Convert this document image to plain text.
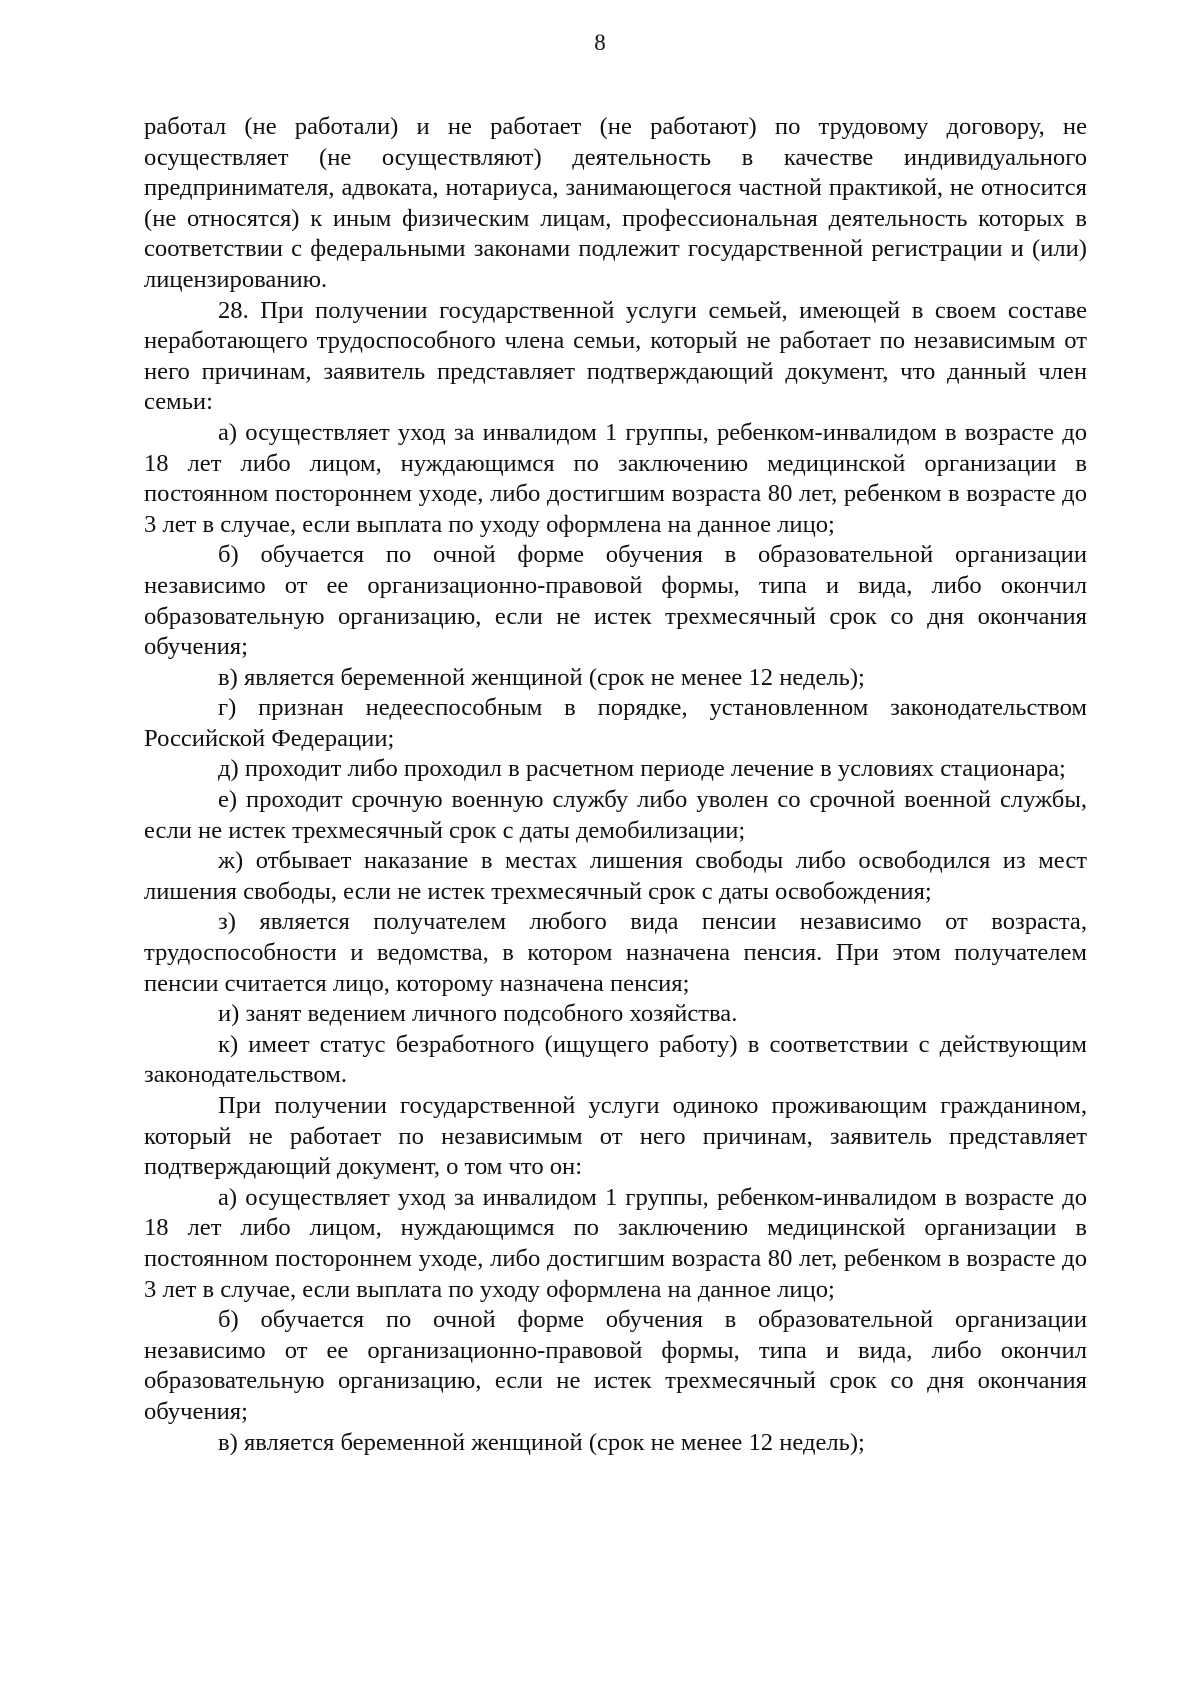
8

работал (не работали) и не работает (не работают) по трудовому договору, не осуществляет (не осуществляют) деятельность в качестве индивидуального предпринимателя, адвоката, нотариуса, занимающегося частной практикой, не относится (не относятся) к иным физическим лицам, профессиональная деятельность которых в соответствии с федеральными законами подлежит государственной регистрации и (или) лицензированию.

28. При получении государственной услуги семьей, имеющей в своем составе неработающего трудоспособного члена семьи, который не работает по независимым от него причинам, заявитель представляет подтверждающий документ, что данный член семьи:

а) осуществляет уход за инвалидом 1 группы, ребенком-инвалидом в возрасте до 18 лет либо лицом, нуждающимся по заключению медицинской организации в постоянном постороннем уходе, либо достигшим возраста 80 лет, ребенком в возрасте до 3 лет в случае, если выплата по уходу оформлена на данное лицо;

б) обучается по очной форме обучения в образовательной организации независимо от ее организационно-правовой формы, типа и вида, либо окончил образовательную организацию, если не истек трехмесячный срок со дня окончания обучения;

в) является беременной женщиной (срок не менее 12 недель);

г) признан недееспособным в порядке, установленном законодательством Российской Федерации;

д) проходит либо проходил в расчетном периоде лечение в условиях стационара;

е) проходит срочную военную службу либо уволен со срочной военной службы, если не истек трехмесячный срок с даты демобилизации;

ж) отбывает наказание в местах лишения свободы либо освободился из мест лишения свободы, если не истек трехмесячный срок с даты освобождения;

з) является получателем любого вида пенсии независимо от возраста, трудоспособности и ведомства, в котором назначена пенсия. При этом получателем пенсии считается лицо, которому назначена пенсия;

и) занят ведением личного подсобного хозяйства.

к) имеет статус безработного (ищущего работу) в соответствии с действующим законодательством.

При получении государственной услуги одиноко проживающим гражданином, который не работает по независимым от него причинам, заявитель представляет подтверждающий документ, о том что он:

а) осуществляет уход за инвалидом 1 группы, ребенком-инвалидом в возрасте до 18 лет либо лицом, нуждающимся по заключению медицинской организации в постоянном постороннем уходе, либо достигшим возраста 80 лет, ребенком в возрасте до 3 лет в случае, если выплата по уходу оформлена на данное лицо;

б) обучается по очной форме обучения в образовательной организации независимо от ее организационно-правовой формы, типа и вида, либо окончил образовательную организацию, если не истек трехмесячный срок со дня окончания обучения;

в) является беременной женщиной (срок не менее 12 недель);
